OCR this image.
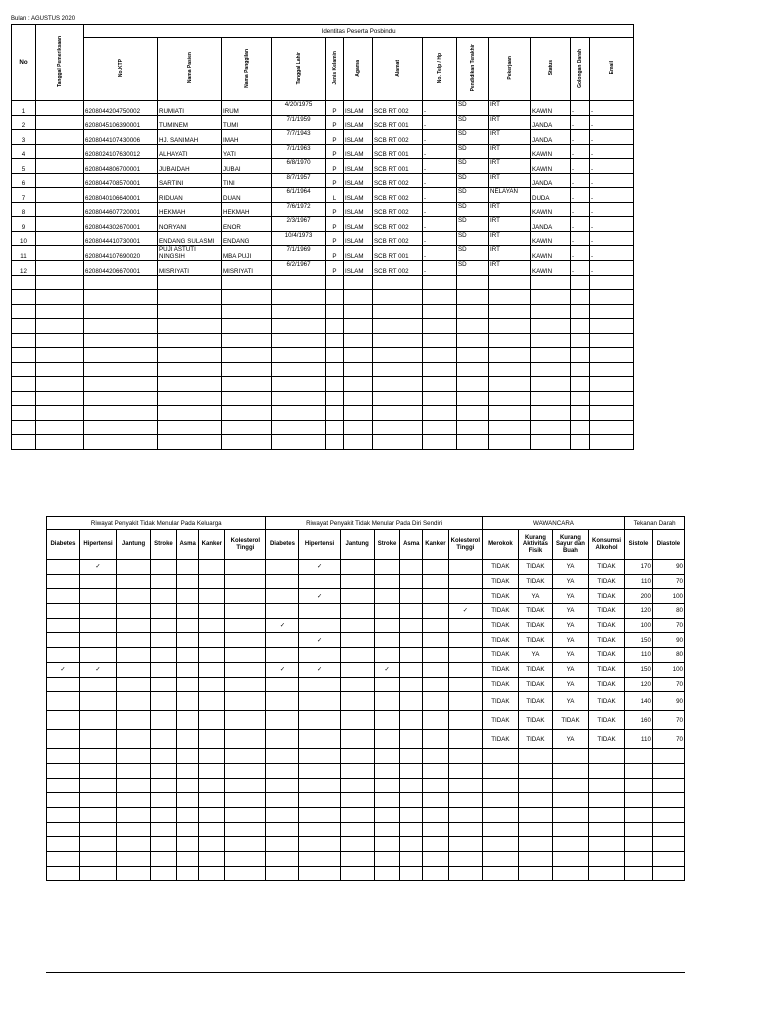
Bulan : AGUSTUS 2020
No	Tanggal Pemeriksaan	Identitas Peserta Posbindu												
		No.KTP	Nama Pasien	Nama Panggilan	Tanggal Lahir	Jenis Kelamin	Agama	Alamat	No. Telp / Hp	Pendidikan Terakhir	Pekerjaan	Status	Golongan Darah	Email
1		6208044204750002	RUMIATI	IRUM	4/20/1975	P	ISLAM	SCB RT 002	-	SD	IRT	KAWIN	-	-
2		6208045106390001	TUMINEM	TUMI	7/1/1959	P	ISLAM	SCB RT 001	-	SD	IRT	JANDA	-	-
3		6208044107430006	HJ. SANIMAH	IMAH	7/7/1943	P	ISLAM	SCB RT 002	-	SD	IRT	JANDA	-	-
4		6208024107630012	ALHAYATI	YATI	7/1/1963	P	ISLAM	SCB RT 001	-	SD	IRT	KAWIN	-	-
5		6208044806700001	JUBAIDAH	JUBAI	6/8/1970	P	ISLAM	SCB RT 001	-	SD	IRT	KAWIN	-	-
6		6208044708570001	SARTINI	TINI	8/7/1957	P	ISLAM	SCB RT 002	-	SD	IRT	JANDA	-	-
7		6208040106640001	RIDUAN	DUAN	6/1/1964	L	ISLAM	SCB RT 002	-	SD	NELAYAN	DUDA	-	-
8		6208044607720001	HEKMAH	HEKMAH	7/6/1972	P	ISLAM	SCB RT 002	-	SD	IRT	KAWIN	-	-
9		6208044302670001	NORYANI	ENOR	2/3/1967	P	ISLAM	SCB RT 002	-	SD	IRT	JANDA	-	-
10		6208044410730001	ENDANG SULASMI	ENDANG	10/4/1973	P	ISLAM	SCB RT 002	-	SD	IRT	KAWIN	-	-
11		6208044107690020	PUJI ASTUTI NINGSIH	MBA PUJI	7/1/1969	P	ISLAM	SCB RT 001	-	SD	IRT	KAWIN	-	-
12		6208044206670001	MISRIYATI	MISRIYATI	6/2/1967	P	ISLAM	SCB RT 002	-	SD	IRT	KAWIN	-	-

Riwayat Penyakit Tidak Menular Pada Keluarga							Riwayat Penyakit Tidak Menular Pada Diri Sendiri							WAWANCARA				Tekanan Darah	
Diabetes	Hipertensi	Jantung	Stroke	Asma	Kanker	Kolesterol Tinggi	Diabetes	Hipertensi	Jantung	Stroke	Asma	Kanker	Kolesterol Tinggi	Merokok	Kurang Aktivitas Fisik	Kurang Sayur dan Buah	Konsumsi Alkohol	Sistole	Diastole
	✓							✓						TIDAK	TIDAK	YA	TIDAK	170	90
														TIDAK	TIDAK	YA	TIDAK	110	70
								✓						TIDAK	YA	YA	TIDAK	200	100
													✓	TIDAK	TIDAK	YA	TIDAK	120	80
							✓							TIDAK	TIDAK	YA	TIDAK	100	70
								✓						TIDAK	TIDAK	YA	TIDAK	150	90
														TIDAK	YA	YA	TIDAK	110	80
✓	✓						✓	✓		✓				TIDAK	TIDAK	YA	TIDAK	150	100
														TIDAK	TIDAK	YA	TIDAK	120	70
														TIDAK	TIDAK	YA	TIDAK	140	90
														TIDAK	TIDAK	TIDAK	TIDAK	160	70
														TIDAK	TIDAK	YA	TIDAK	110	70
